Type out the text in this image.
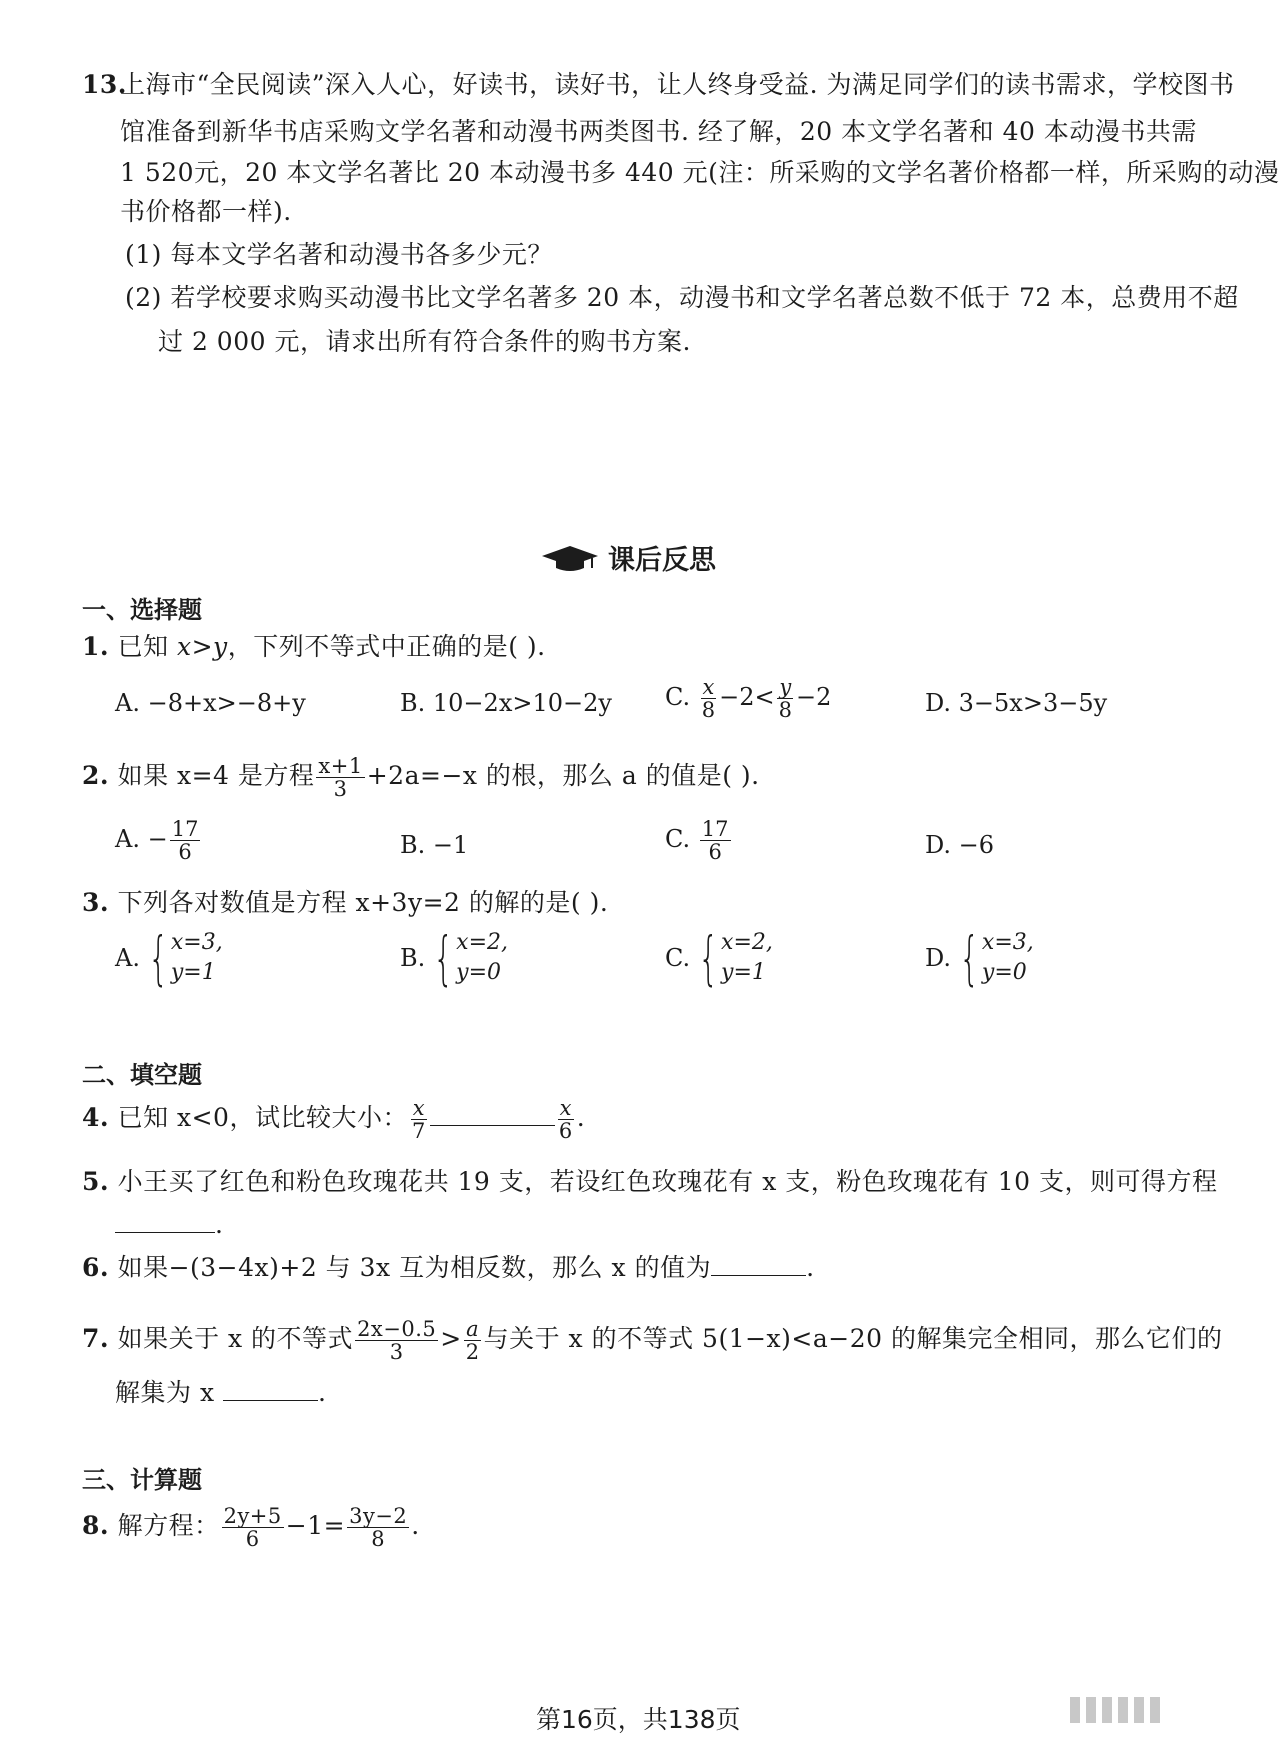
13.
上海市“全民阅读”深入人心，好读书，读好书，让人终身受益. 为满足同学们的读书需求，学校图书
馆准备到新华书店采购文学名著和动漫书两类图书. 经了解，20 本文学名著和 40 本动漫书共需
1 520元，20 本文学名著比 20 本动漫书多 440 元(注：所采购的文学名著价格都一样，所采购的动漫
书价格都一样).
(1) 每本文学名著和动漫书各多少元？
(2) 若学校要求购买动漫书比文学名著多 20 本，动漫书和文学名著总数不低于 72 本，总费用不超
过 2 000 元，请求出所有符合条件的购书方案.
课后反思
一、选择题
1. 已知 x>y，下列不等式中正确的是( ).
A. −8+x>−8+y	B. 10−2x>10−2y C. $\frac{x}{8} -2< \frac{y}{8} -2$	D. 3−5x>3−5y
2. 如果 x=4 是方程 $\frac{x+1}{3} +2a=-x$ 的根，那么 a 的值是( ).
A. − $\frac{17}{6}$	B. −1	C. $\frac{17}{6}$	D. −6
3. 下列各对数值是方程 x+3y=2 的解的是( ).
A. { x=3,
y=1
B. { x=2,
y=0
C. { x=2,
y=1
D. { x=3,
y=0
二、填空题
4. 已知 x<0，试比较大小： $\frac{x}{7}$	$\frac{x}{6}$ .
5. 小王买了红色和粉色玫瑰花共 19 支，若设红色玫瑰花有 x 支，粉色玫瑰花有 10 支，则可得方程
.
6. 如果−(3−4x)+2 与 3x 互为相反数，那么 x 的值为	.
7. 如果关于 x 的不等式 $\frac{2x-0.5}{3} > \frac{a}{2}$ 与关于 x 的不等式 5(1−x)<a−20 的解集完全相同，那么它们的
解集为 x	.
三、计算题
8. 解方程： $\frac{2y+5}{6} -1= \frac{3y-2}{8}$ .
第16页，共138页
